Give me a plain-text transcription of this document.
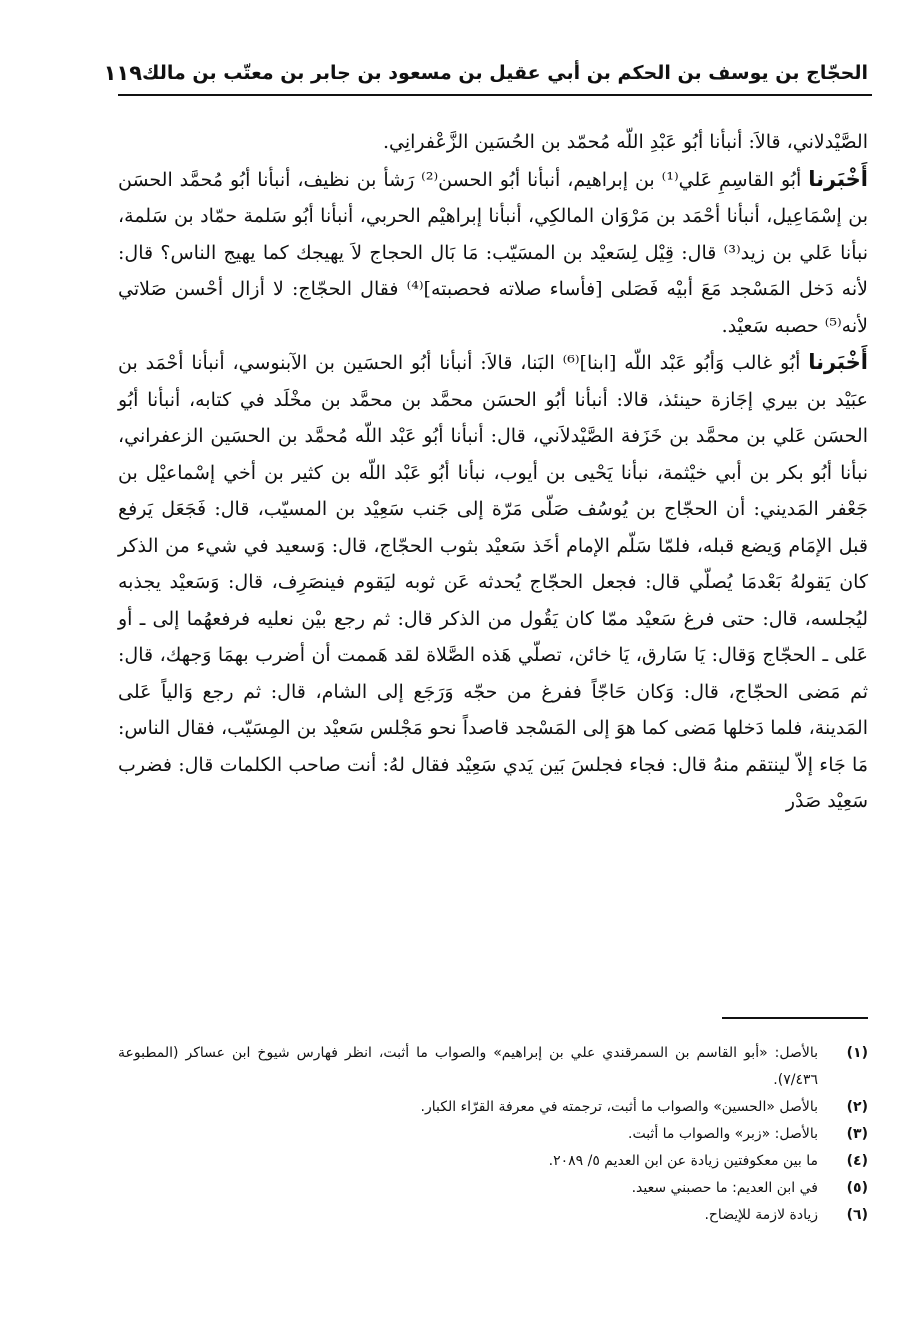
الحجّاج بن يوسف بن الحكم بن أبي عقيل بن مسعود بن جابر بن معتّب بن مالك
١١٩

الصَّيْدلاني، قالاَ: أنبأنا أبُو عَبْدِ اللّه مُحمّد بن الحُسَين الزَّعْفرانِي.

أَخْبَرنا أبُو القاسِمِ عَلي⁽¹⁾ بن إبراهيم، أنبأنا أبُو الحسن⁽²⁾ رَشأ بن نظيف، أنبأنا أبُو مُحمَّد الحسَن بن إسْمَاعِيل، أنبأنا أحْمَد بن مَرْوَان المالكِي، أنبأنا إبراهيْم الحربي، أنبأنا أبُو سَلمة حمّاد بن سَلمة، نبأنا عَلي بن زيد⁽³⁾ قال: قِيْل لِسَعيْد بن المسَيّب: مَا بَال الحجاج لاَ يهيجك كما يهيج الناس؟ قال: لأنه دَخل المَسْجد مَعَ أبيْه فَصَلى [فأساء صلاته فحصبته]⁽⁴⁾ فقال الحجّاج: لا أزال أحْسن صَلاتي لأنه⁽⁵⁾ حصبه سَعيْد.

أَخْبَرنا أبُو غالب وَأبُو عَبْد اللّه [ابنا]⁽⁶⁾ البَنا، قالاَ: أنبأنا أبُو الحسَين بن الآبنوسي، أنبأنا أحْمَد بن عبَيْد بن بيري إجَازة حينئذ، قالا: أنبأنا أبُو الحسَن محمَّد بن محمَّد بن مخْلَد في كتابه، أنبأنا أبُو الحسَن عَلي بن محمَّد بن خَزَفة الصَّيْدلاَني، قال: أنبأنا أبُو عَبْد اللّه مُحمَّد بن الحسَين الزعفراني، نبأنا أبُو بكر بن أبي خيْثمة، نبأنا يَحْيى بن أيوب، نبأنا أبُو عَبْد اللّه بن كثير بن أخي إسْماعيْل بن جَعْفر المَديني: أن الحجّاج بن يُوسُف صَلّى مَرّة إلى جَنب سَعِيْد بن المسيّب، قال: فَجَعَل يَرفع قبل الإمَام وَيضع قبله، فلمّا سَلّم الإمام أخَذ سَعيْد بثوب الحجّاج، قال: وَسعيد في شيء من الذكر كان يَقولهُ بَعْدمَا يُصلّي قال: فجعل الحجّاج يُحدثه عَن ثوبه ليَقوم فينصَرِف، قال: وَسَعيْد يجذبه ليُجلسه، قال: حتى فرغ سَعيْد ممّا كان يَقُول من الذكر قال: ثم رجع بيْن نعليه فرفعهُما إلى ـ أو عَلى ـ الحجّاج وَقال: يَا سَارق، يَا خائن، تصلّي هَذه الصَّلاة لقد هَممت أن أضرب بهمَا وَجهك، قال: ثم مَضى الحجّاج، قال: وَكان حَاجّاً ففرغ من حجّه وَرَجَع إلى الشام، قال: ثم رجع وَالياً عَلى المَدينة، فلما دَخلها مَضى كما هوَ إلى المَسْجد قاصداً نحو مَجْلس سَعيْد بن المِسَيّب، فقال الناس: مَا جَاء إلاّ لينتقم منهُ قال: فجاء فجلسَ بَين يَدي سَعِيْد فقال لهُ: أنت صاحب الكلمات قال: فضرب سَعِيْد صَدْر

(١)
بالأصل: «أبو القاسم بن السمرقندي علي بن إبراهيم» والصواب ما أثبت، انظر فهارس شيوخ ابن عساكر (المطبوعة ٧/٤٣٦).
(٢)
بالأصل «الحسين» والصواب ما أثبت، ترجمته في معرفة القرّاء الكبار.
(٣)
بالأصل: «زبر» والصواب ما أثبت.
(٤)
ما بين معكوفتين زيادة عن ابن العديم ٥/ ٢٠٨٩.
(٥)
في ابن العديم: ما حصبني سعيد.
(٦)
زيادة لازمة للإيضاح.
